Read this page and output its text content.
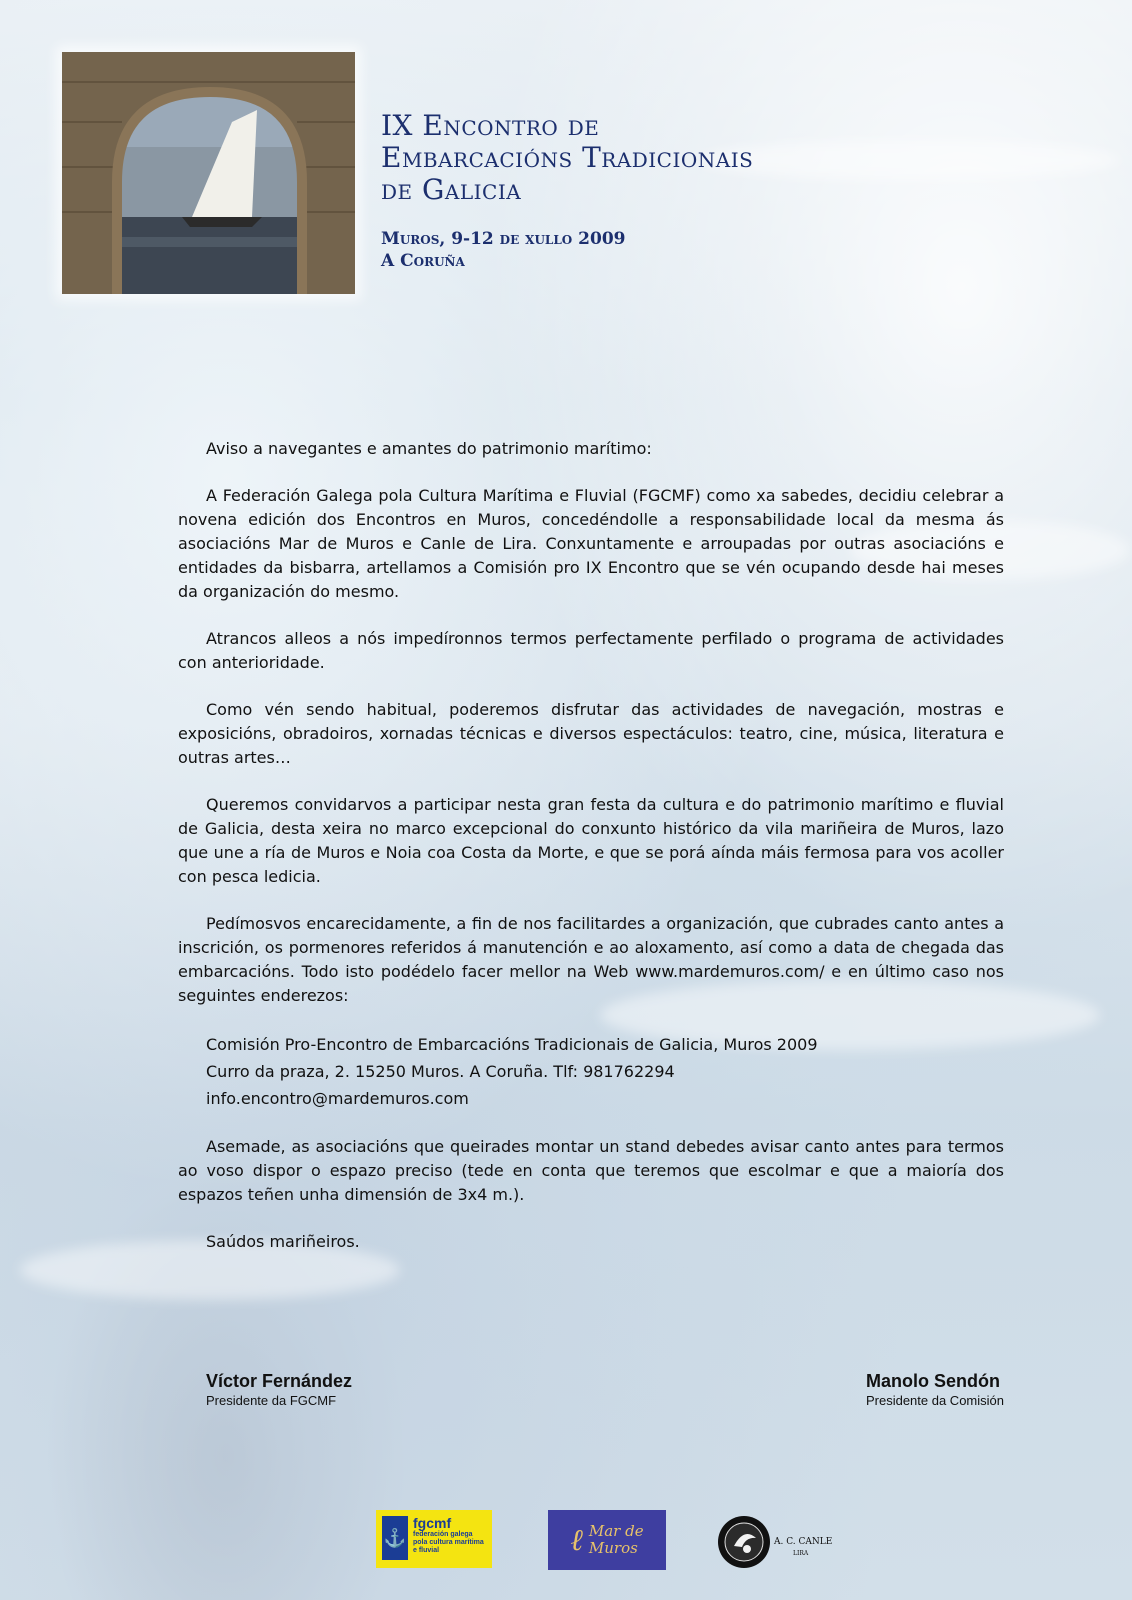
IX Encontro de
Embarcacións Tradicionais
de Galicia
Muros, 9-12 de xullo 2009
A Coruña

Aviso a navegantes e amantes do patrimonio marítimo:

A Federación Galega pola Cultura Marítima e Fluvial (FGCMF) como xa sabedes, decidiu celebrar a novena edición dos Encontros en Muros, concedéndolle a responsabilidade local da mesma ás asociacións Mar de Muros e Canle de Lira. Conxuntamente e arroupadas por outras asociacións e entidades da bisbarra, artellamos a Comisión pro IX Encontro que se vén ocupando desde hai meses da organización do mesmo.

Atrancos alleos a nós impedíronnos termos perfectamente perfilado o programa de actividades con anterioridade.

Como vén sendo habitual, poderemos disfrutar das actividades de navegación, mostras e exposicións, obradoiros, xornadas técnicas e diversos espectáculos: teatro, cine, música, literatura e outras artes…

Queremos convidarvos a participar nesta gran festa da cultura e do patrimonio marítimo e fluvial de Galicia, desta xeira no marco excepcional do conxunto histórico da vila mariñeira de Muros, lazo que une a ría de Muros e Noia coa Costa da Morte, e que se porá aínda máis fermosa para vos acoller con pesca ledicia.

Pedímosvos encarecidamente, a fin de nos facilitardes a organización, que cubrades canto antes a inscrición, os pormenores referidos á manutención e ao aloxamento, así como a data de chegada das embarcacións. Todo isto podédelo facer mellor na Web www.mardemuros.com/ e en último caso nos seguintes enderezos:

Comisión Pro-Encontro de Embarcacións Tradicionais de Galicia, Muros 2009
Curro da praza, 2. 15250 Muros. A Coruña. Tlf: 981762294
info.encontro@mardemuros.com

Asemade, as asociacións que queirades montar un stand debedes avisar canto antes para termos ao voso dispor o espazo preciso (tede en conta que teremos que escolmar e que a maioría dos espazos teñen unha dimensión de 3x4 m.).

Saúdos mariñeiros.

Víctor Fernández
Presidente da FGCMF
Manolo Sendón
Presidente da Comisión
⚓
fgcmf
federación galega
pola cultura marítima
e fluvial	ℓ Mar de
Muros	A. C. CANLE
LIRA
